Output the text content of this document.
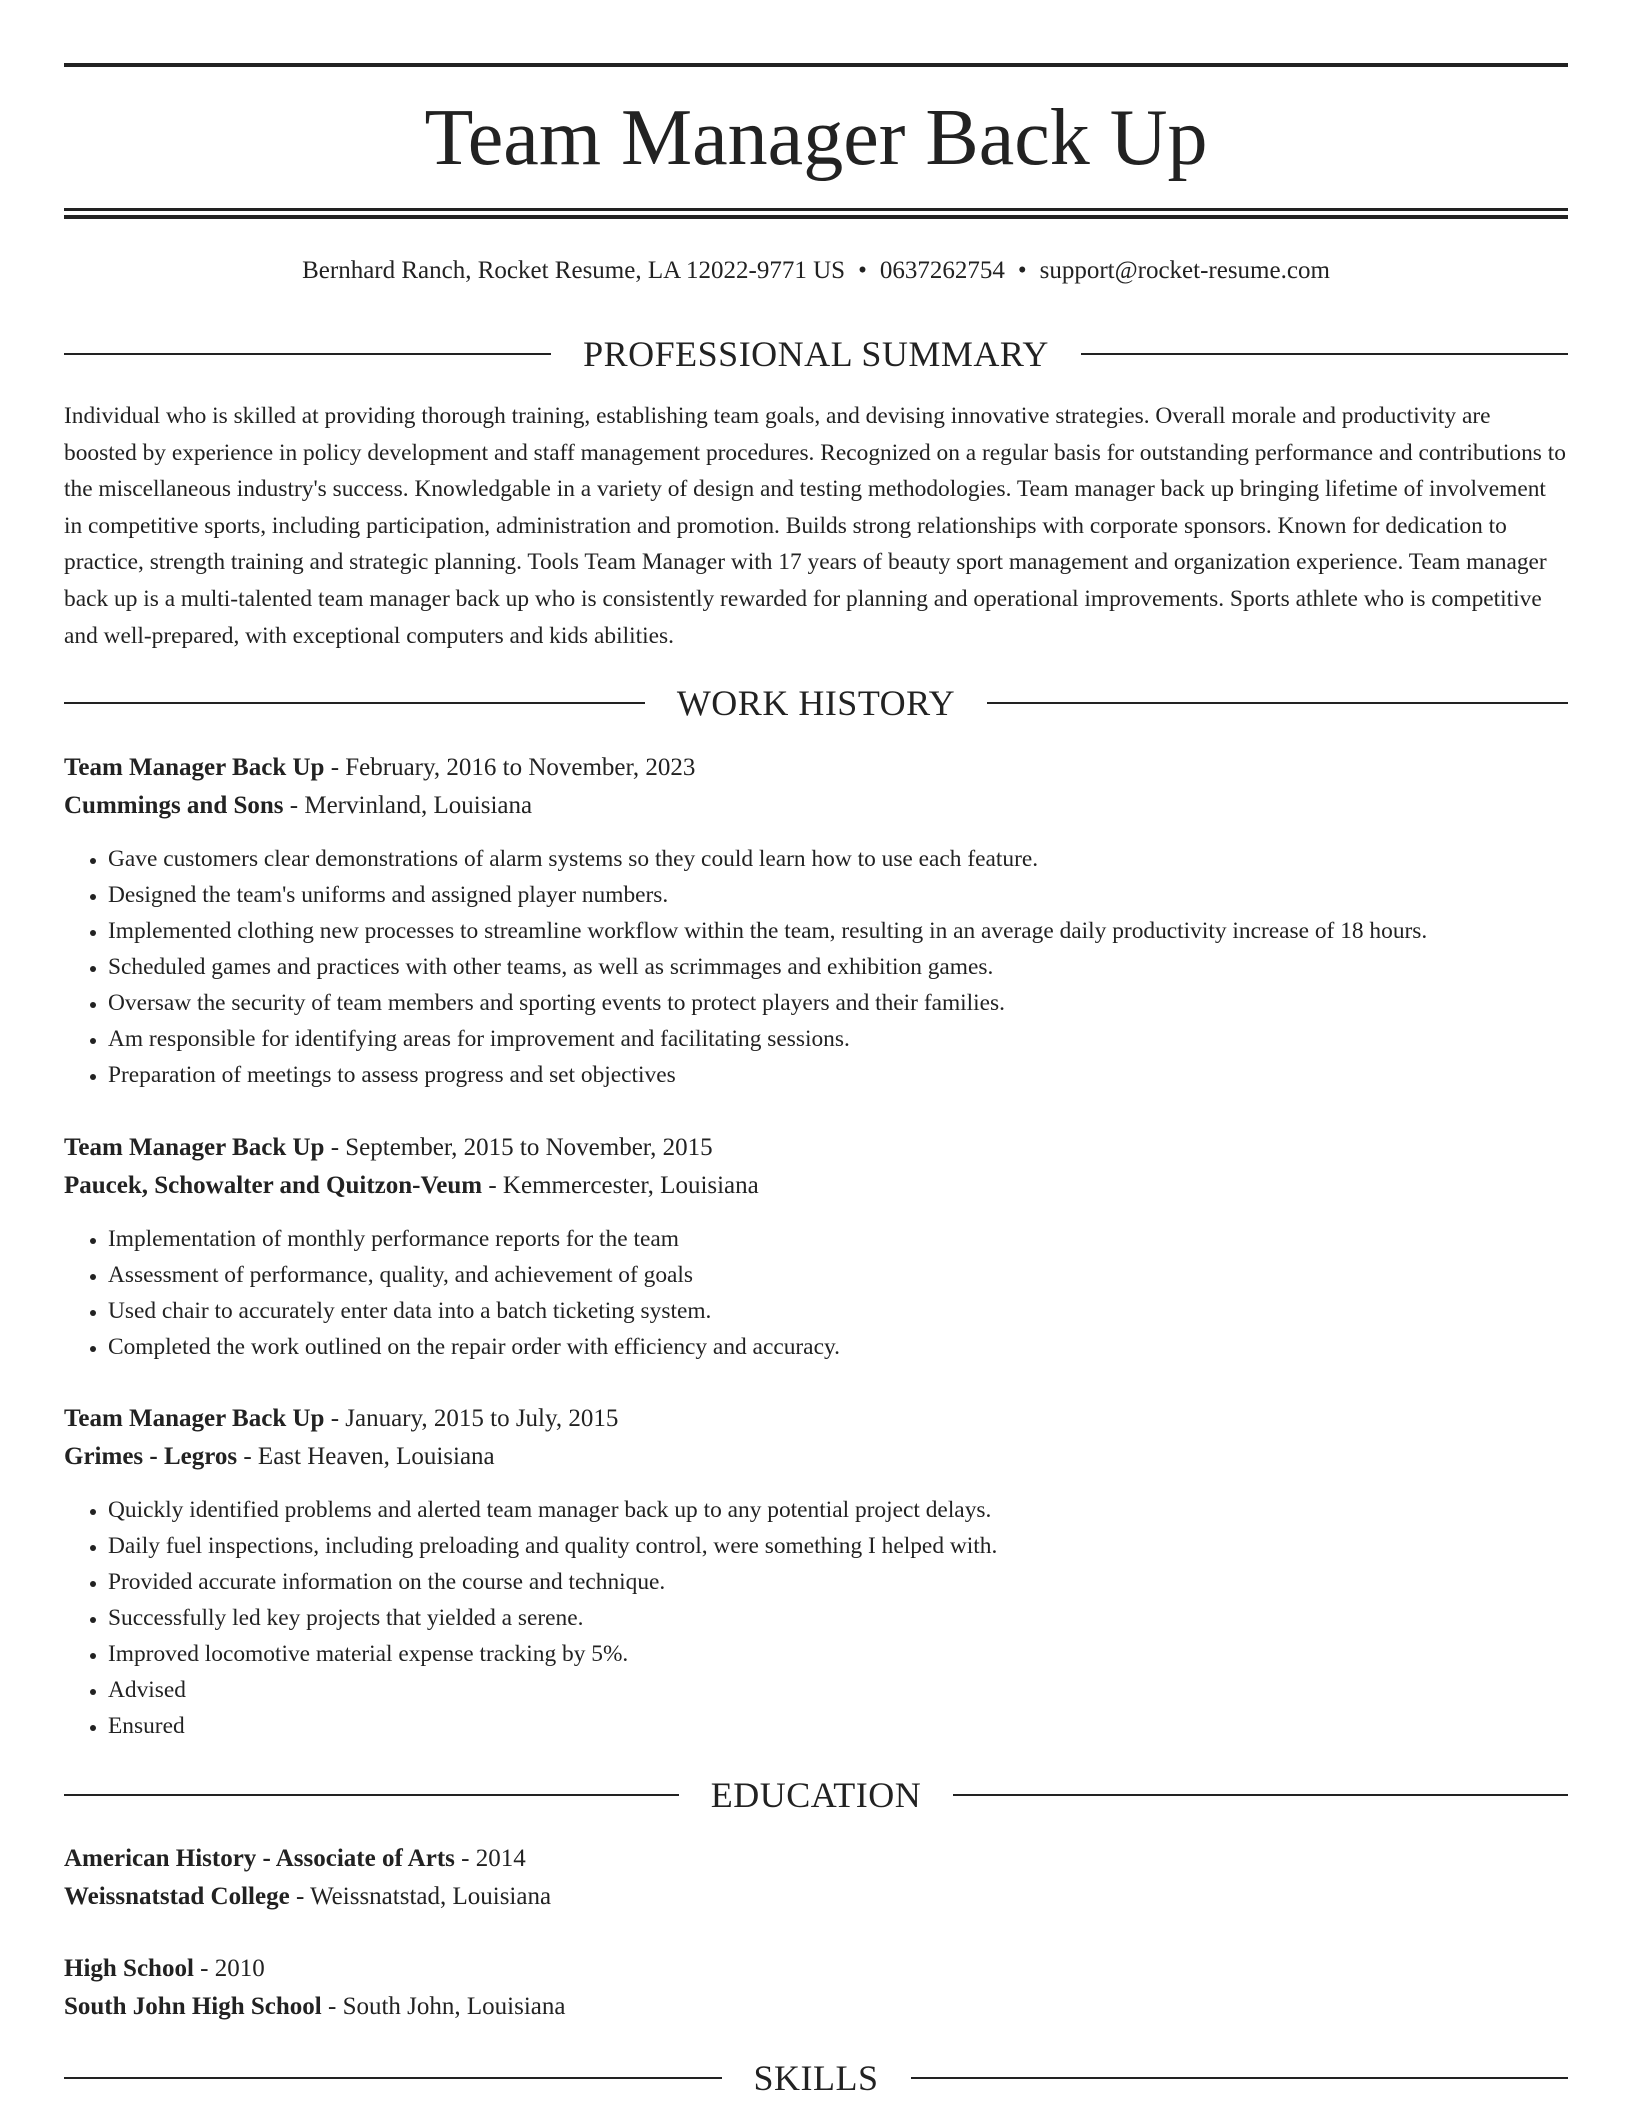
Team Manager Back Up
Bernhard Ranch, Rocket Resume, LA 12022-9771 US • 0637262754 • support@rocket-resume.com
PROFESSIONAL SUMMARY

Individual who is skilled at providing thorough training, establishing team goals, and devising innovative strategies. Overall morale and productivity are boosted by experience in policy development and staff management procedures. Recognized on a regular basis for outstanding performance and contributions to the miscellaneous industry's success. Knowledgable in a variety of design and testing methodologies. Team manager back up bringing lifetime of involvement in competitive sports, including participation, administration and promotion. Builds strong relationships with corporate sponsors. Known for dedication to practice, strength training and strategic planning. Tools Team Manager with 17 years of beauty sport management and organization experience. Team manager back up is a multi-talented team manager back up who is consistently rewarded for planning and operational improvements. Sports athlete who is competitive and well-prepared, with exceptional computers and kids abilities.

WORK HISTORY

Team Manager Back Up - February, 2016 to November, 2023

Cummings and Sons - Mervinland, Louisiana

• Gave customers clear demonstrations of alarm systems so they could learn how to use each feature.
• Designed the team's uniforms and assigned player numbers.
• Implemented clothing new processes to streamline workflow within the team, resulting in an average daily productivity increase of 18 hours.
• Scheduled games and practices with other teams, as well as scrimmages and exhibition games.
• Oversaw the security of team members and sporting events to protect players and their families.
• Am responsible for identifying areas for improvement and facilitating sessions.
• Preparation of meetings to assess progress and set objectives

Team Manager Back Up - September, 2015 to November, 2015

Paucek, Schowalter and Quitzon-Veum - Kemmercester, Louisiana

• Implementation of monthly performance reports for the team
• Assessment of performance, quality, and achievement of goals
• Used chair to accurately enter data into a batch ticketing system.
• Completed the work outlined on the repair order with efficiency and accuracy.

Team Manager Back Up - January, 2015 to July, 2015

Grimes - Legros - East Heaven, Louisiana

• Quickly identified problems and alerted team manager back up to any potential project delays.
• Daily fuel inspections, including preloading and quality control, were something I helped with.
• Provided accurate information on the course and technique.
• Successfully led key projects that yielded a serene.
• Improved locomotive material expense tracking by 5%.
• Advised
• Ensured
EDUCATION

American History - Associate of Arts - 2014

Weissnatstad College - Weissnatstad, Louisiana

High School - 2010

South John High School - South John, Louisiana

SKILLS
